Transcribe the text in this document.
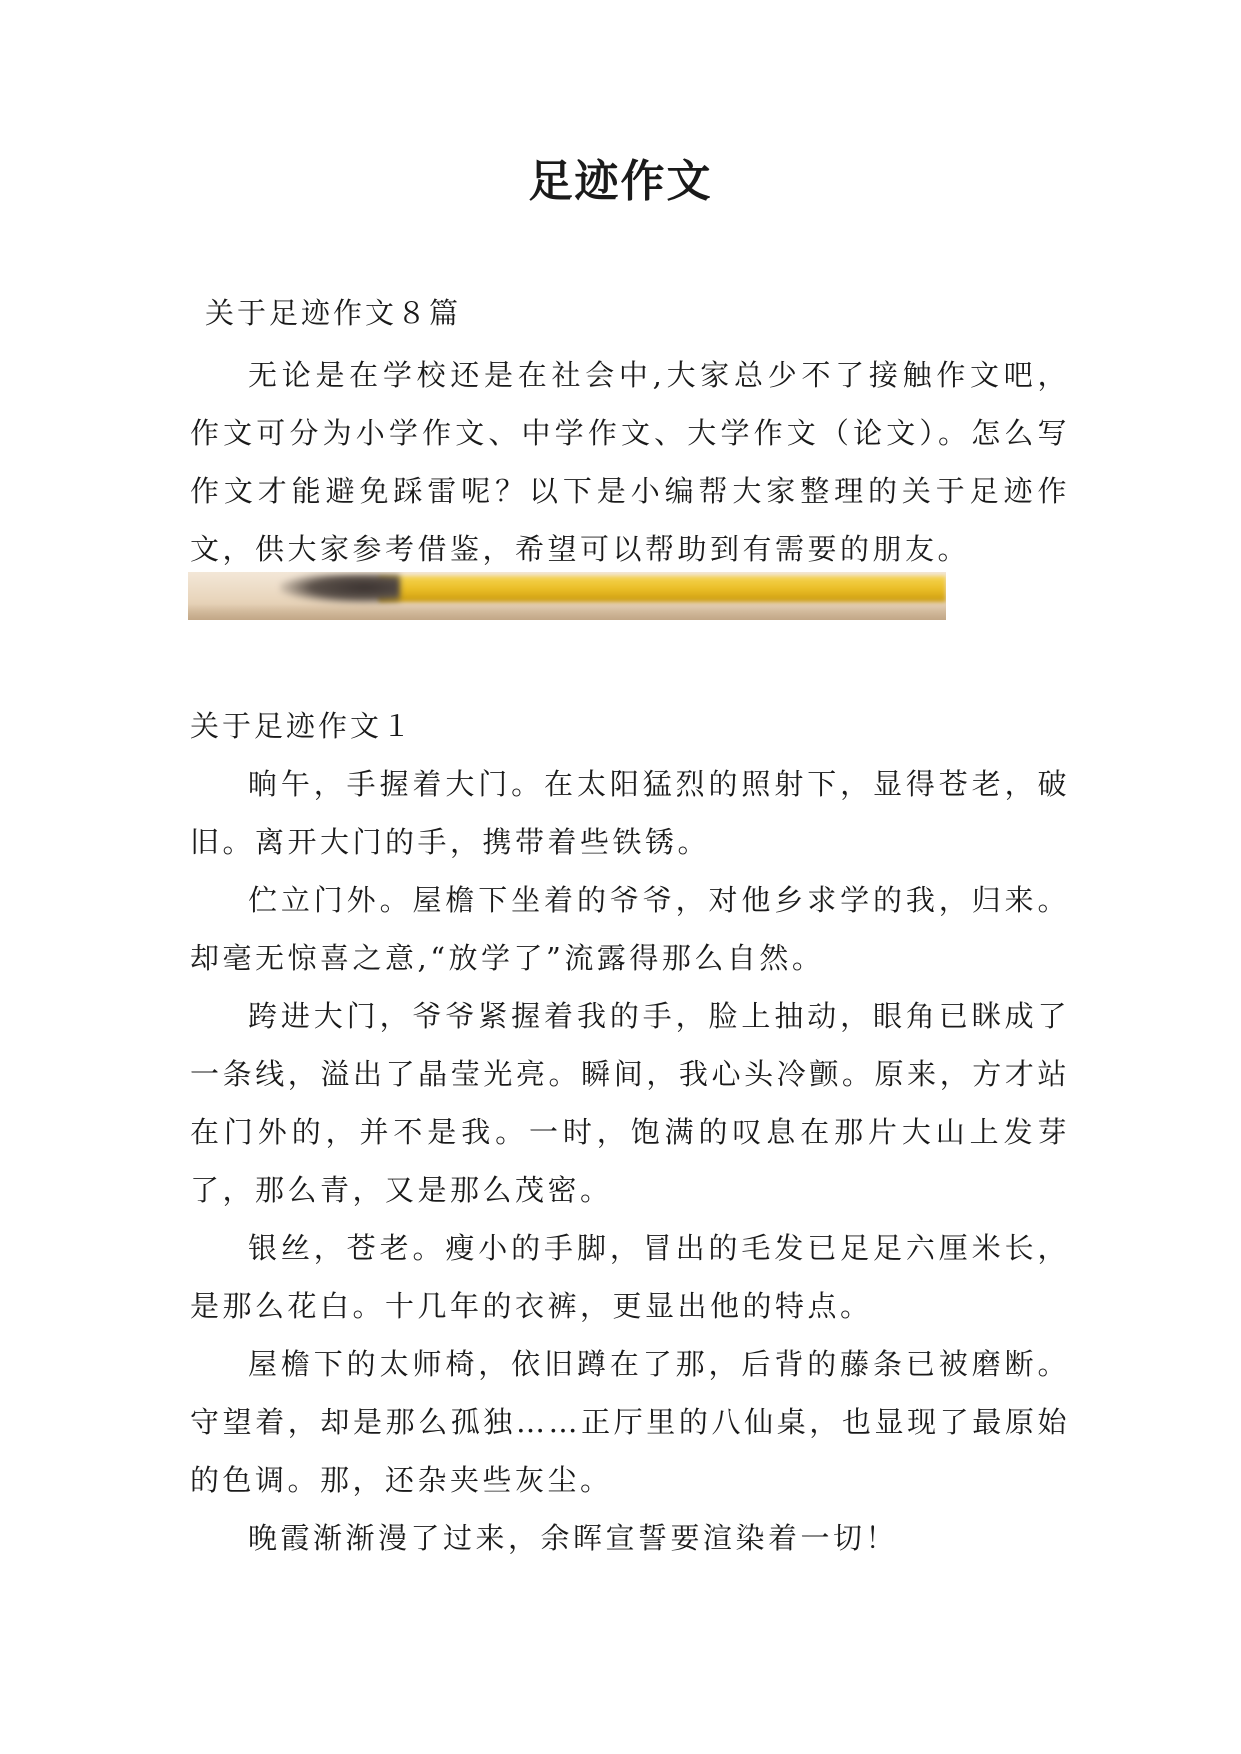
足迹作文
关于足迹作文８篇

无论是在学校还是在社会中,大家总少不了接触作文吧，作文可分为小学作文、中学作文、大学作文（论文）。怎么写作文才能避免踩雷呢？以下是小编帮大家整理的关于足迹作文，供大家参考借鉴，希望可以帮助到有需要的朋友。

关于足迹作文１

晌午，手握着大门。在太阳猛烈的照射下，显得苍老，破旧。离开大门的手，携带着些铁锈。

伫立门外。屋檐下坐着的爷爷，对他乡求学的我，归来。却毫无惊喜之意,“放学了”流露得那么自然。

跨进大门，爷爷紧握着我的手，脸上抽动，眼角已眯成了一条线，溢出了晶莹光亮。瞬间，我心头冷颤。原来，方才站在门外的，并不是我。一时，饱满的叹息在那片大山上发芽了，那么青，又是那么茂密。

银丝，苍老。瘦小的手脚，冒出的毛发已足足六厘米长，是那么花白。十几年的衣裤，更显出他的特点。

屋檐下的太师椅，依旧蹲在了那，后背的藤条已被磨断。守望着，却是那么孤独……正厅里的八仙桌，也显现了最原始的色调。那，还杂夹些灰尘。

晚霞渐渐漫了过来，余晖宣誓要渲染着一切！
